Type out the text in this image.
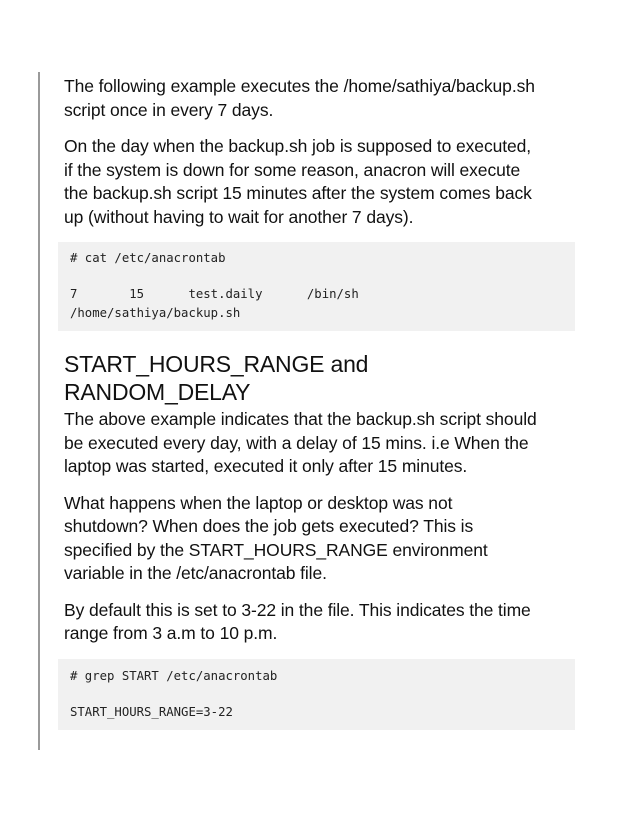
The following example executes the /home/sathiya/backup.sh
script once in every 7 days.

On the day when the backup.sh job is supposed to executed,
if the system is down for some reason, anacron will execute
the backup.sh script 15 minutes after the system comes back
up (without having to wait for another 7 days).

# cat /etc/anacrontab
7       15      test.daily      /bin/sh
/home/sathiya/backup.sh
START_HOURS_RANGE and
RANDOM_DELAY

The above example indicates that the backup.sh script should
be executed every day, with a delay of 15 mins. i.e When the
laptop was started, executed it only after 15 minutes.

What happens when the laptop or desktop was not
shutdown? When does the job gets executed? This is
specified by the START_HOURS_RANGE environment
variable in the /etc/anacrontab file.

By default this is set to 3-22 in the file. This indicates the time
range from 3 a.m to 10 p.m.

# grep START /etc/anacrontab
START_HOURS_RANGE=3-22
